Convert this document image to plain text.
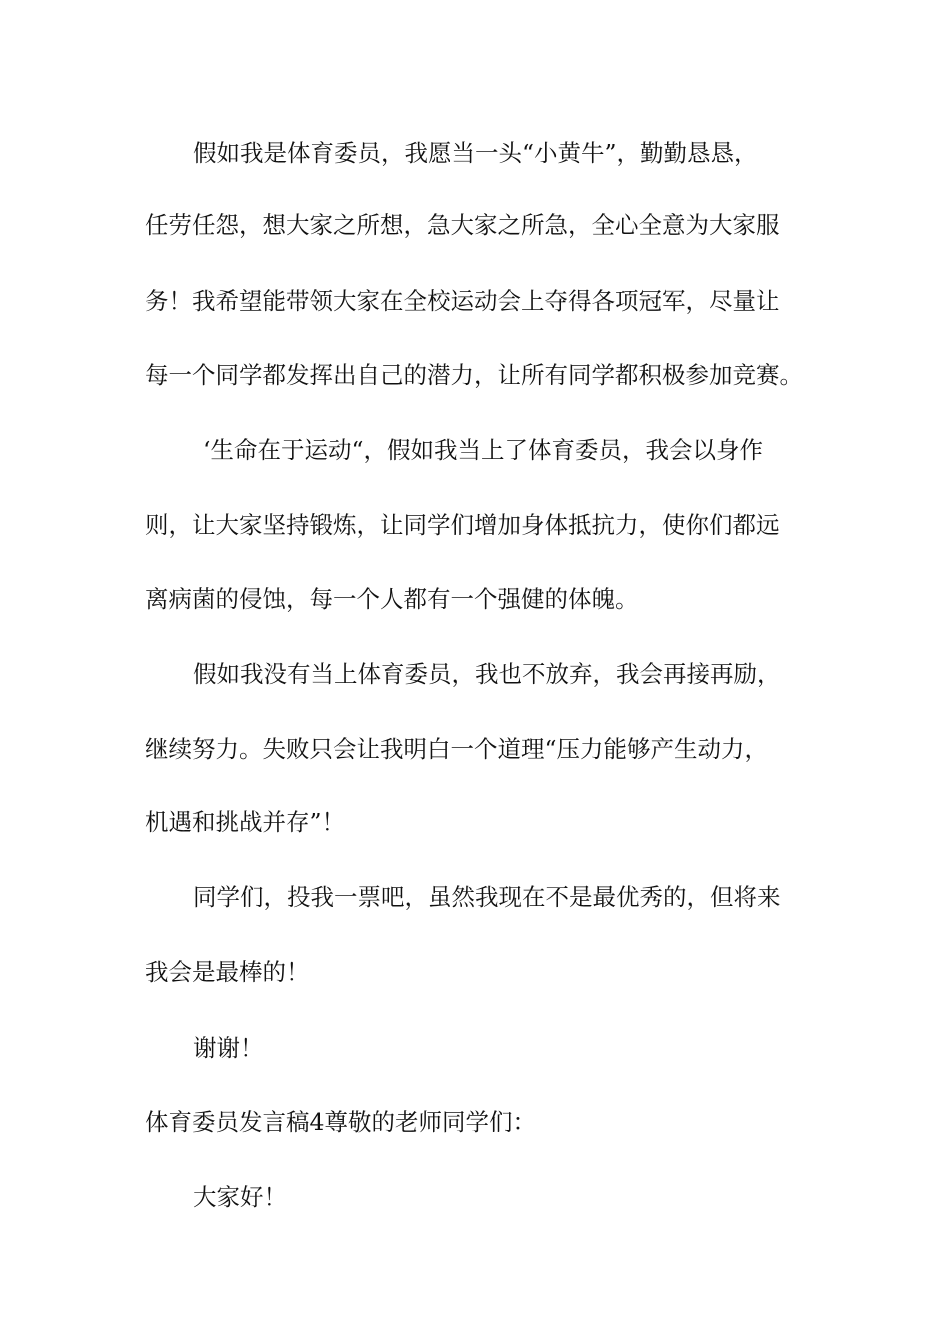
假如我是体育委员，我愿当一头“小黄牛”，勤勤恳恳，
任劳任怨，想大家之所想，急大家之所急，全心全意为大家服
务！我希望能带领大家在全校运动会上夺得各项冠军，尽量让
每一个同学都发挥出自己的潜力，让所有同学都积极参加竞赛。
‘生命在于运动“，假如我当上了体育委员，我会以身作
则，让大家坚持锻炼，让同学们增加身体抵抗力，使你们都远
离病菌的侵蚀，每一个人都有一个强健的体魄。
假如我没有当上体育委员，我也不放弃，我会再接再励，
继续努力。失败只会让我明白一个道理“压力能够产生动力，
机遇和挑战并存”！
同学们，投我一票吧，虽然我现在不是最优秀的，但将来
我会是最棒的！
谢谢！
体育委员发言稿4尊敬的老师同学们：
大家好！
